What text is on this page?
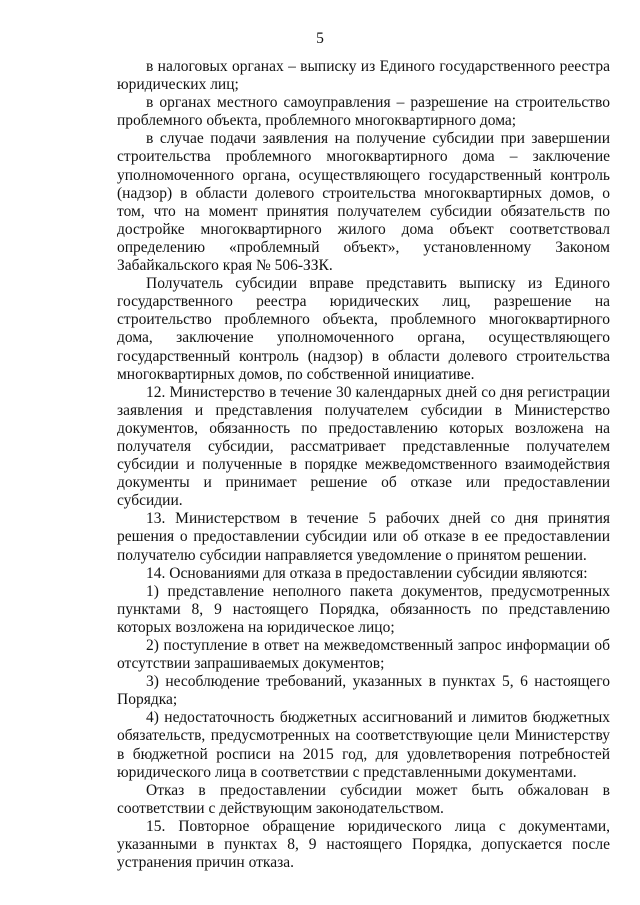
5

в налоговых органах – выписку из Единого государственного реестра юридических лиц;

в органах местного самоуправления – разрешение на строительство проблемного объекта, проблемного многоквартирного дома;

в случае подачи заявления на получение субсидии при завершении строительства проблемного многоквартирного дома – заключение уполномоченного органа, осуществляющего государственный контроль (надзор) в области долевого строительства многоквартирных домов, о том, что на момент принятия получателем субсидии обязательств по достройке многоквартирного жилого дома объект соответствовал определению «проблемный объект», установленному Законом Забайкальского края № 506-ЗЗК.

Получатель субсидии вправе представить выписку из Единого государственного реестра юридических лиц, разрешение на строительство проблемного объекта, проблемного многоквартирного дома, заключение уполномоченного органа, осуществляющего государственный контроль (надзор) в области долевого строительства многоквартирных домов, по собственной инициативе.

12. Министерство в течение 30 календарных дней со дня регистрации заявления и представления получателем субсидии в Министерство документов, обязанность по предоставлению которых возложена на получателя субсидии, рассматривает представленные получателем субсидии и полученные в порядке межведомственного взаимодействия документы и принимает решение об отказе или предоставлении субсидии.

13. Министерством в течение 5 рабочих дней со дня принятия решения о предоставлении субсидии или об отказе в ее предоставлении получателю субсидии направляется уведомление о принятом решении.

14. Основаниями для отказа в предоставлении субсидии являются:

1) представление неполного пакета документов, предусмотренных пунктами 8, 9 настоящего Порядка, обязанность по представлению которых возложена на юридическое лицо;

2) поступление в ответ на межведомственный запрос информации об отсутствии запрашиваемых документов;

3) несоблюдение требований, указанных в пунктах 5, 6 настоящего Порядка;

4) недостаточность бюджетных ассигнований и лимитов бюджетных обязательств, предусмотренных на соответствующие цели Министерству в бюджетной росписи на 2015 год, для удовлетворения потребностей юридического лица в соответствии с представленными документами.

Отказ в предоставлении субсидии может быть обжалован в соответствии с действующим законодательством.

15. Повторное обращение юридического лица с документами, указанными в пунктах 8, 9 настоящего Порядка, допускается после устранения причин отказа.
